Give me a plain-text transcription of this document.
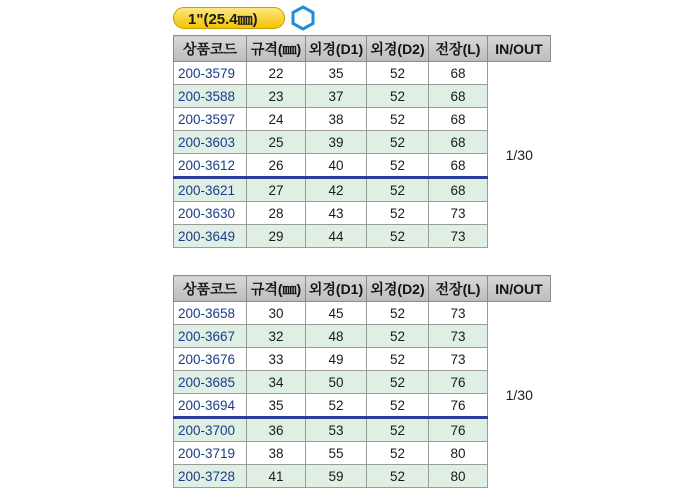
1"(25.4㎜)
상품코드	규격(㎜)	외경(D1)	외경(D2)	전장(L)	IN/OUT
200-3579	22	35	52	68	1/30
200-3588	23	37	52	68	
200-3597	24	38	52	68	
200-3603	25	39	52	68	
200-3612	26	40	52	68	
200-3621	27	42	52	68	
200-3630	28	43	52	73	
200-3649	29	44	52	73	
상품코드	규격(㎜)	외경(D1)	외경(D2)	전장(L)	IN/OUT
200-3658	30	45	52	73	1/30
200-3667	32	48	52	73	
200-3676	33	49	52	73	
200-3685	34	50	52	76	
200-3694	35	52	52	76	
200-3700	36	53	52	76	
200-3719	38	55	52	80	
200-3728	41	59	52	80	
